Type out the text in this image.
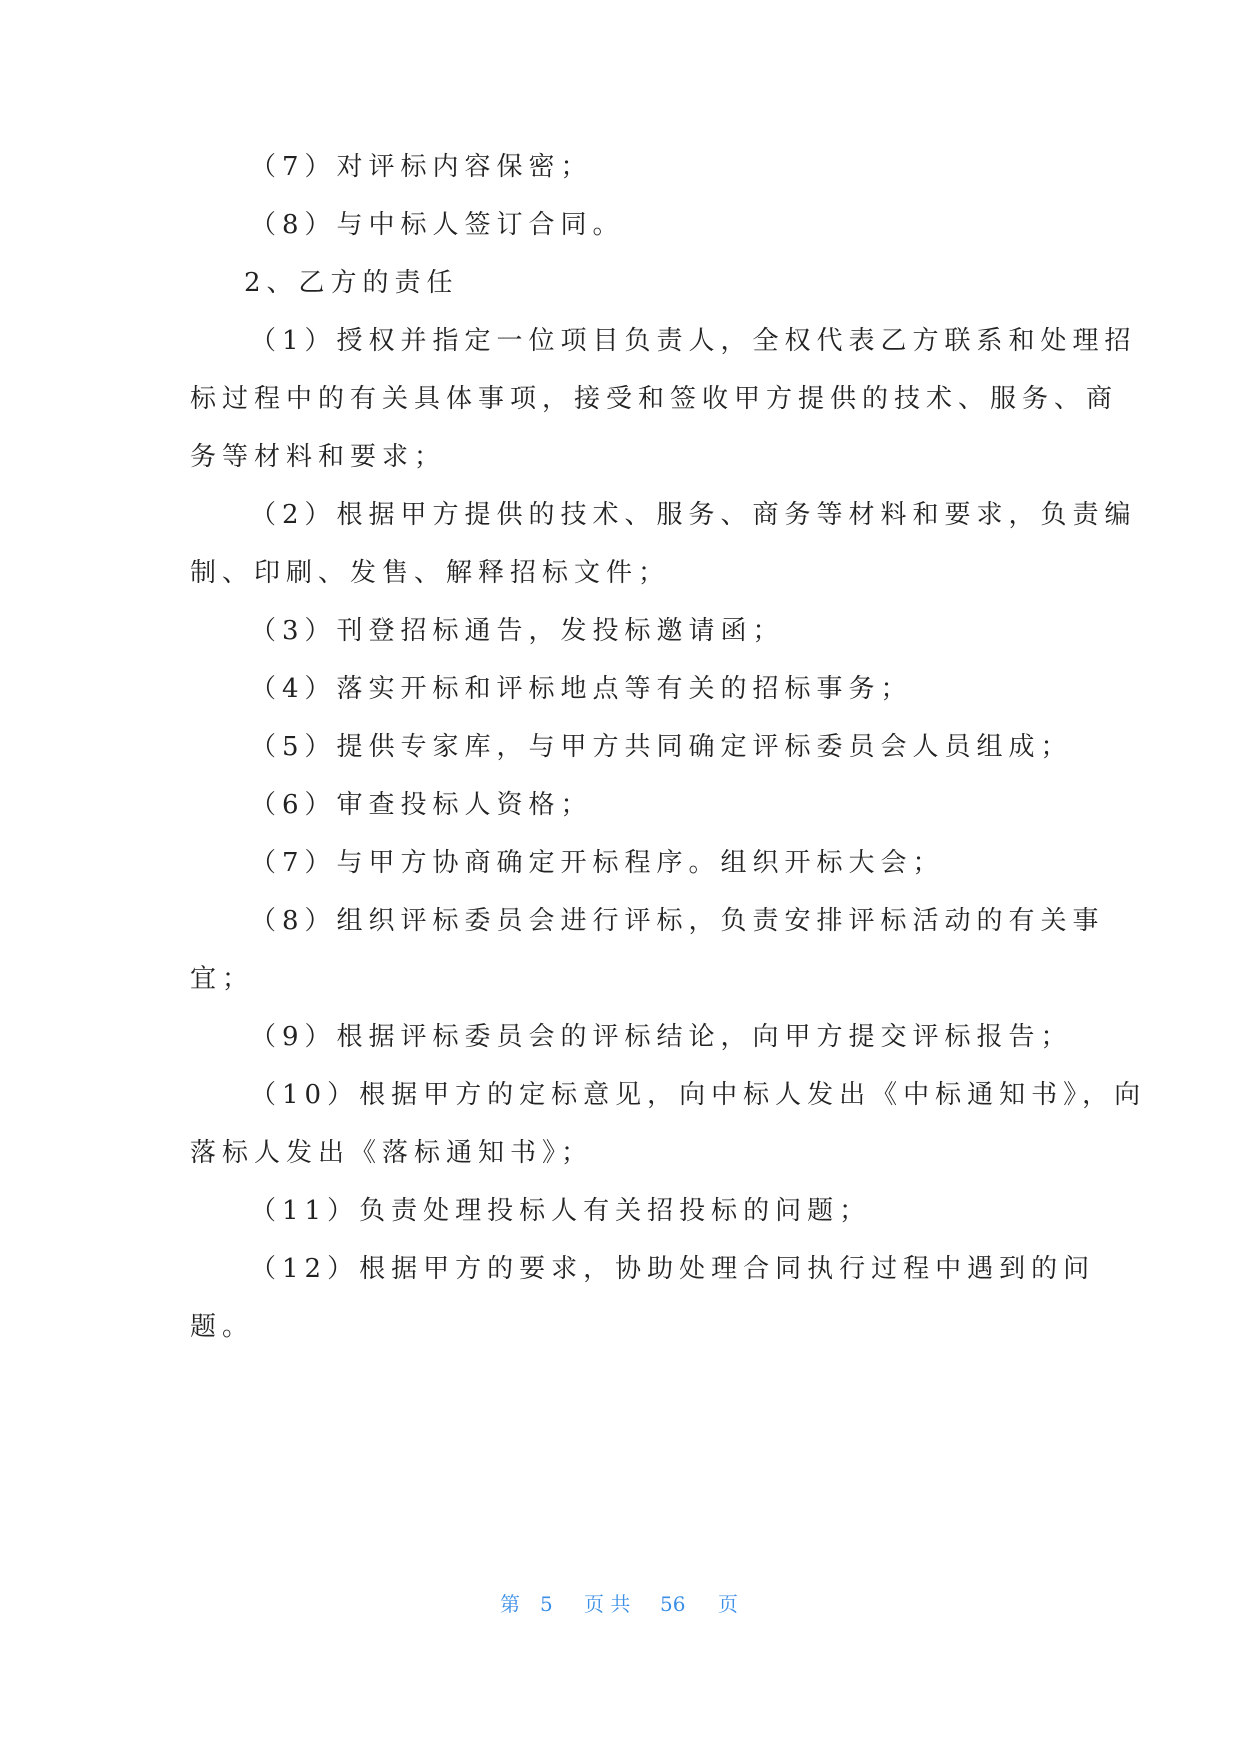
（7）对评标内容保密；
（8）与中标人签订合同。
2、乙方的责任
（1）授权并指定一位项目负责人，全权代表乙方联系和处理招
标过程中的有关具体事项，接受和签收甲方提供的技术、服务、商
务等材料和要求；
（2）根据甲方提供的技术、服务、商务等材料和要求，负责编
制、印刷、发售、解释招标文件；
（3）刊登招标通告，发投标邀请函；
（4）落实开标和评标地点等有关的招标事务；
（5）提供专家库，与甲方共同确定评标委员会人员组成；
（6）审查投标人资格；
（7）与甲方协商确定开标程序。组织开标大会；
（8）组织评标委员会进行评标，负责安排评标活动的有关事
宜；
（9）根据评标委员会的评标结论，向甲方提交评标报告；
（10）根据甲方的定标意见，向中标人发出《中标通知书》，向
落标人发出《落标通知书》；
（11）负责处理投标人有关招投标的问题；
（12）根据甲方的要求，协助处理合同执行过程中遇到的问
题。
第 5 页 共 56 页
